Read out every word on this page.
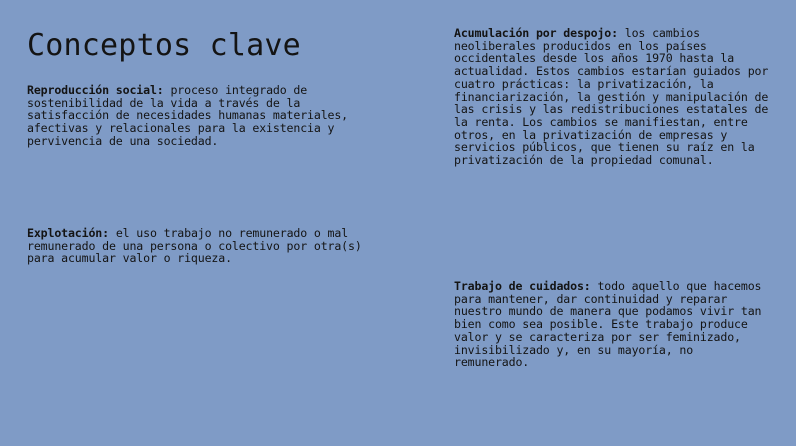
Conceptos clave

Reproducción social: proceso integrado de sostenibilidad de la vida a través de la satisfacción de necesidades humanas materiales, afectivas y relacionales para la existencia y pervivencia de una sociedad.

Explotación: el uso trabajo no remunerado o mal remunerado de una persona o colectivo por otra(s) para acumular valor o riqueza.

Acumulación por despojo: los cambios neoliberales producidos en los países occidentales desde los años 1970 hasta la actualidad. Estos cambios estarían guiados por cuatro prácticas: la privatización, la financiarización, la gestión y manipulación de las crisis y las redistribuciones estatales de la renta. Los cambios se manifiestan, entre otros, en la privatización de empresas y servicios públicos, que tienen su raíz en la privatización de la propiedad comunal.

Trabajo de cuidados: todo aquello que hacemos para mantener, dar continuidad y reparar nuestro mundo de manera que podamos vivir tan bien como sea posible. Este trabajo produce valor y se caracteriza por ser feminizado, invisibilizado y, en su mayoría, no remunerado.
